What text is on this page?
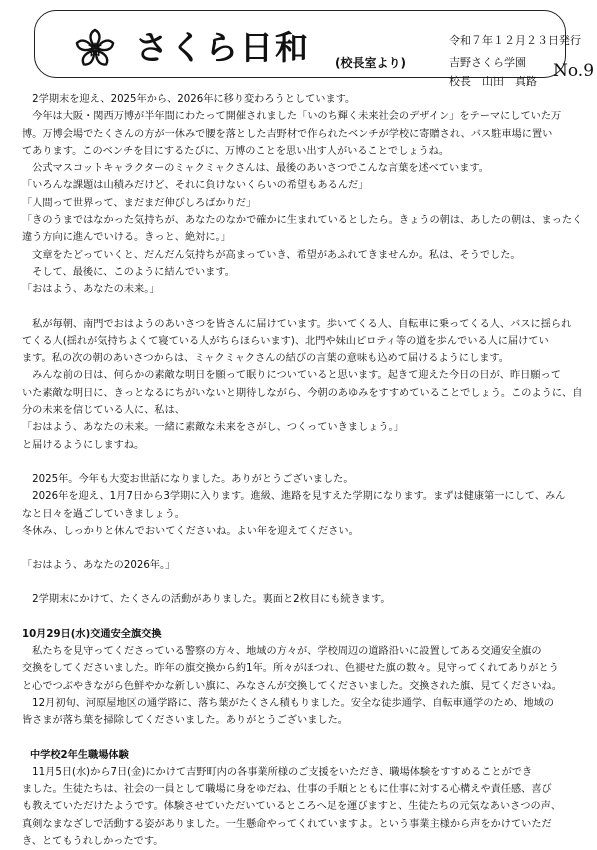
吉 さくら日和 (校長室より)
令和７年１２月２３日発行
吉野さくら学園
校長　山田　真路
No.9

　2学期末を迎え、2025年から、2026年に移り変わろうとしています。

　今年は大阪・関西万博が半年間にわたって開催されました「いのち輝く未来社会のデザイン」をテーマにしていた万

博。万博会場でたくさんの方が一休みで腰を落とした吉野材で作られたベンチが学校に寄贈され、バス駐車場に置い

てあります。このベンチを目にするたびに、万博のことを思い出す人がいることでしょうね。

　公式マスコットキャラクターのミャクミャクさんは、最後のあいさつでこんな言葉を述べています。

「いろんな課題は山積みだけど、それに負けないくらいの希望もあるんだ」

「人間って世界って、まだまだ伸びしろばかりだ」

「きのうまではなかった気持ちが、あなたのなかで確かに生まれているとしたら。きょうの朝は、あしたの朝は、まったく

違う方向に進んでいける。きっと、絶対に。」

　文章をたどっていくと、だんだん気持ちが高まっていき、希望があふれてきませんか。私は、そうでした。

　そして、最後に、このように結んでいます。

「おはよう、あなたの未来。」

　私が毎朝、南門でおはようのあいさつを皆さんに届けています。歩いてくる人、自転車に乗ってくる人、バスに揺られ

てくる人(揺れが気持ちよくて寝ている人がちらほらいます)、北門や妹山ピロティ等の道を歩んでいる人に届けてい

ます。私の次の朝のあいさつからは、ミャクミャクさんの結びの言葉の意味も込めて届けるようにします。

　みんな前の日は、何らかの素敵な明日を願って眠りについていると思います。起きて迎えた今日の日が、昨日願って

いた素敵な明日に、きっとなるにちがいないと期待しながら、今朝のあゆみをすすめていることでしょう。このように、自

分の未来を信じている人に、私は、

「おはよう、あなたの未来。一緒に素敵な未来をさがし、つくっていきましょう。」

と届けるようにしますね。

　2025年。今年も大変お世話になりました。ありがとうございました。

　2026年を迎え、1月7日から3学期に入ります。進級、進路を見すえた学期になります。まずは健康第一にして、みん

なと日々を過ごしていきましょう。

冬休み、しっかりと休んでおいてくださいね。よい年を迎えてください。

「おはよう、あなたの2026年。」

　2学期末にかけて、たくさんの活動がありました。裏面と2枚目にも続きます。

10月29日(水)交通安全旗交換

　私たちを見守ってくださっている警察の方々、地域の方々が、学校周辺の道路沿いに設置してある交通安全旗の

交換をしてくださいました。昨年の旗交換から約1年。所々がほつれ、色褪せた旗の数々。見守ってくれてありがとう

と心でつぶやきながら色鮮やかな新しい旗に、みなさんが交換してくださいました。交換された旗、見てくださいね。

　12月初旬、河原屋地区の通学路に、落ち葉がたくさん積もりました。安全な徒歩通学、自転車通学のため、地域の

皆さまが落ち葉を掃除してくださいました。ありがとうございました。

中学校2年生職場体験

　11月5日(水)から7日(金)にかけて吉野町内の各事業所様のご支援をいただき、職場体験をすすめることができ

ました。生徒たちは、社会の一員として職場に身をゆだね、仕事の手順とともに仕事に対する心構えや責任感、喜び

も教えていただけたようです。体験させていただいているところへ足を運びますと、生徒たちの元気なあいさつの声、

真剣なまなざしで活動する姿がありました。一生懸命やってくれていますよ。という事業主様から声をかけていただ

き、とてもうれしかったです。
